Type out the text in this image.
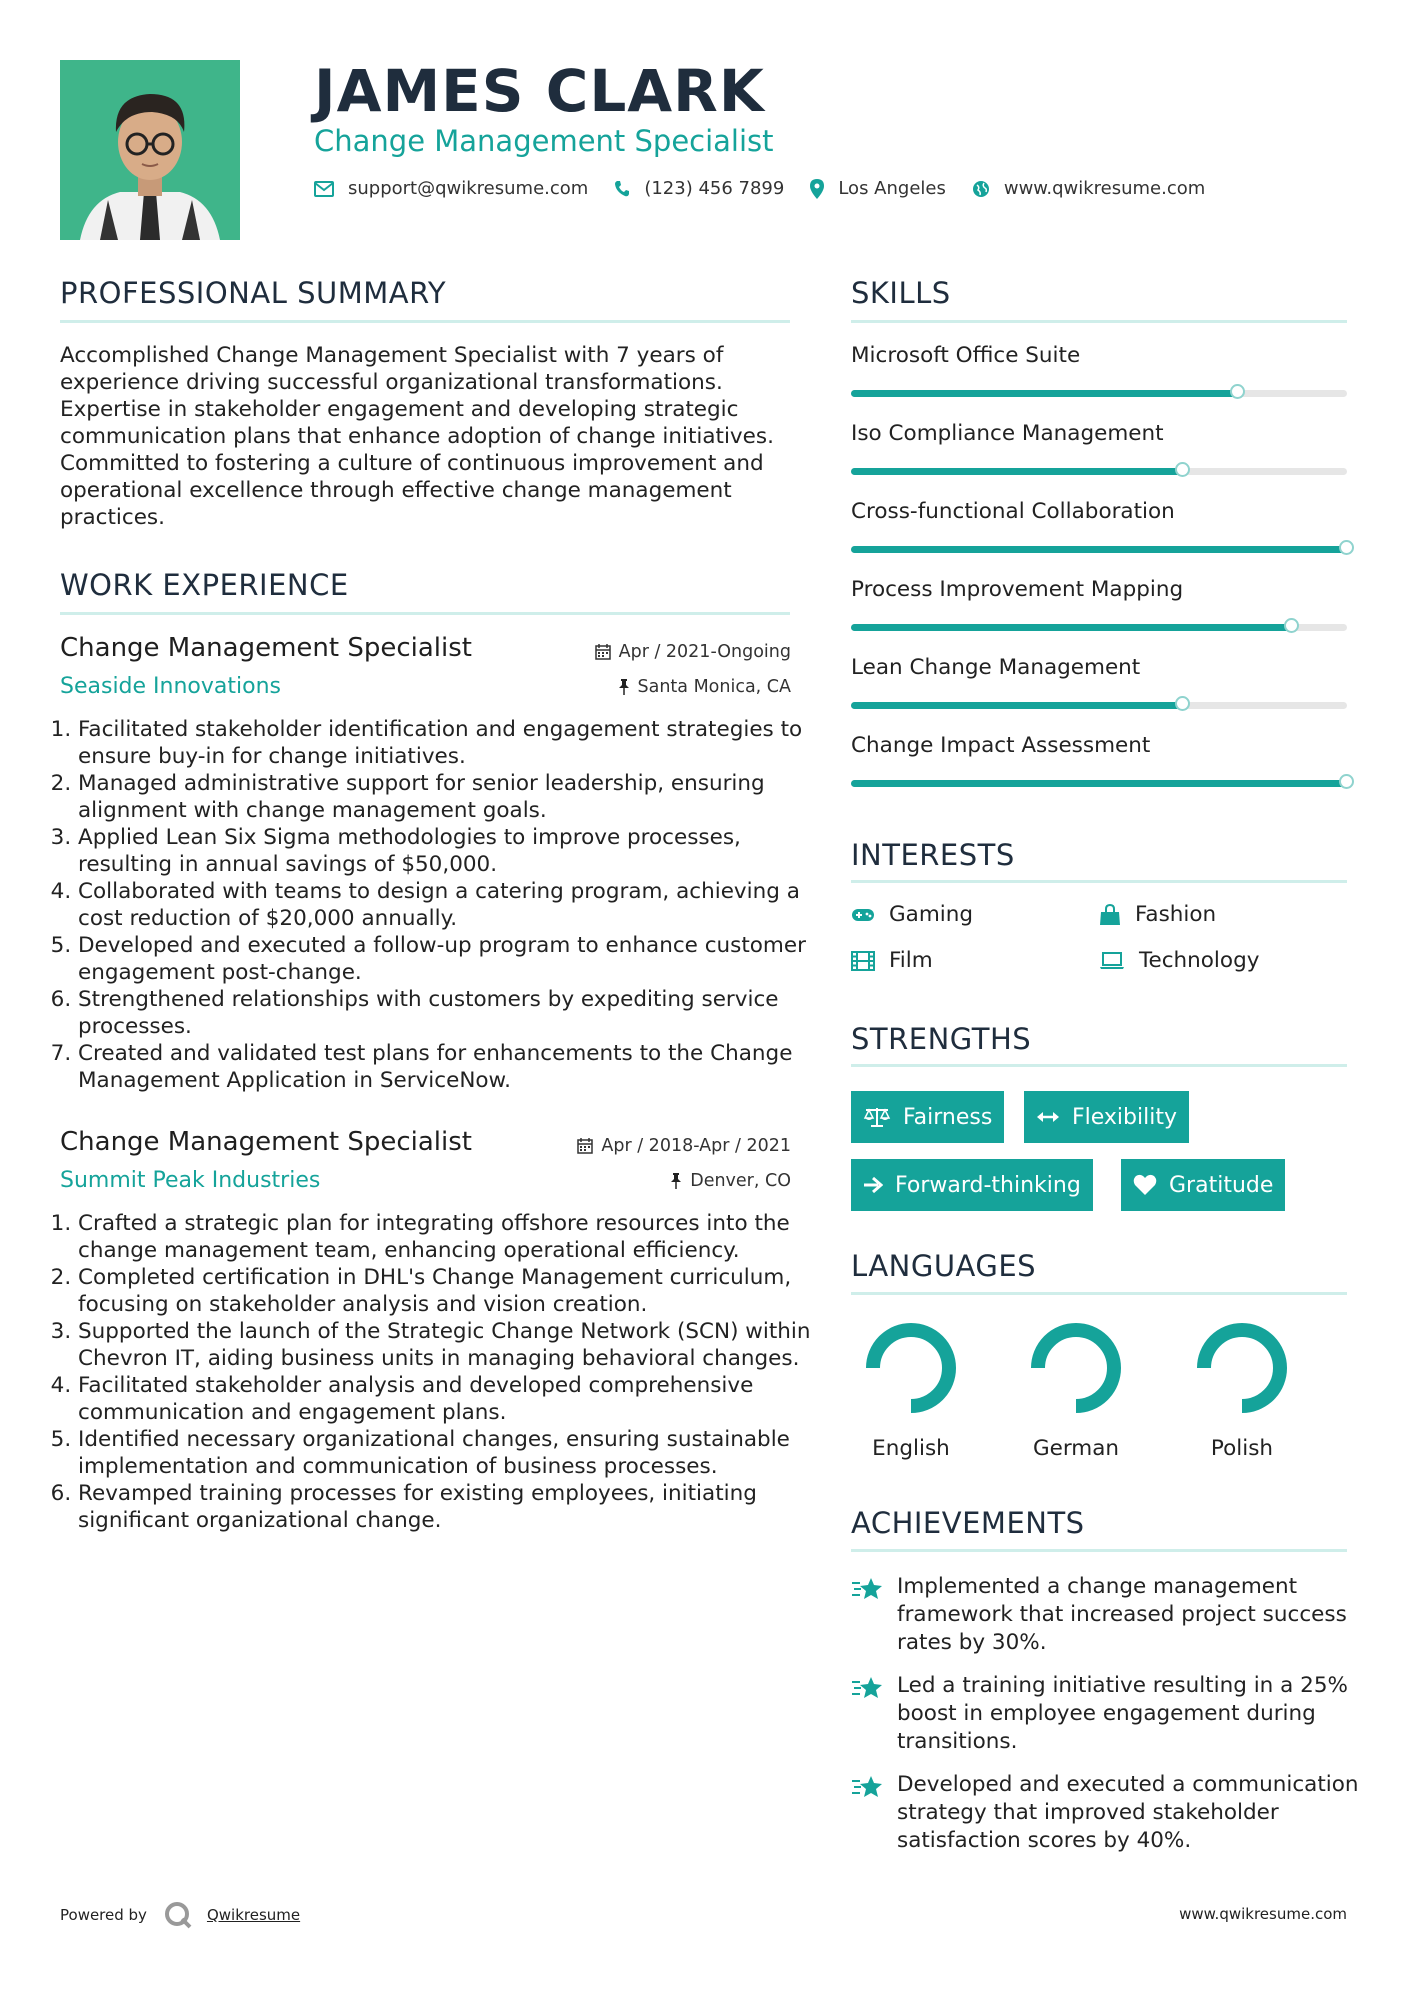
JAMES CLARK
Change Management Specialist
support@qwikresume.com	(123) 456 7899	Los Angeles	www.qwikresume.com
PROFESSIONAL SUMMARY
Accomplished Change Management Specialist with 7 years of experience driving successful organizational transformations. Expertise in stakeholder engagement and developing strategic communication plans that enhance adoption of change initiatives. Committed to fostering a culture of continuous improvement and operational excellence through effective change management practices.
WORK EXPERIENCE
Change Management Specialist	Apr / 2021-Ongoing
Seaside Innovations	Santa Monica, CA
1. Facilitated stakeholder identification and engagement strategies to ensure buy-in for change initiatives.
2. Managed administrative support for senior leadership, ensuring alignment with change management goals.
3. Applied Lean Six Sigma methodologies to improve processes, resulting in annual savings of $50,000.
4. Collaborated with teams to design a catering program, achieving a cost reduction of $20,000 annually.
5. Developed and executed a follow-up program to enhance customer engagement post-change.
6. Strengthened relationships with customers by expediting service processes.
7. Created and validated test plans for enhancements to the Change Management Application in ServiceNow.
Change Management Specialist	Apr / 2018-Apr / 2021
Summit Peak Industries	Denver, CO
1. Crafted a strategic plan for integrating offshore resources into the change management team, enhancing operational efficiency.
2. Completed certification in DHL's Change Management curriculum, focusing on stakeholder analysis and vision creation.
3. Supported the launch of the Strategic Change Network (SCN) within Chevron IT, aiding business units in managing behavioral changes.
4. Facilitated stakeholder analysis and developed comprehensive communication and engagement plans.
5. Identified necessary organizational changes, ensuring sustainable implementation and communication of business processes.
6. Revamped training processes for existing employees, initiating significant organizational change.
SKILLS
Microsoft Office Suite
Iso Compliance Management
Cross-functional Collaboration
Process Improvement Mapping
Lean Change Management
Change Impact Assessment
INTERESTS
Gaming	Fashion
Film	Technology
STRENGTHS
Fairness	Flexibility
Forward-thinking	Gratitude
LANGUAGES
English	German	Polish
ACHIEVEMENTS
Implemented a change management framework that increased project success rates by 30%.
Led a training initiative resulting in a 25% boost in employee engagement during transitions.
Developed and executed a communication strategy that improved stakeholder satisfaction scores by 40%.
Powered by	Qwikresume	www.qwikresume.com
